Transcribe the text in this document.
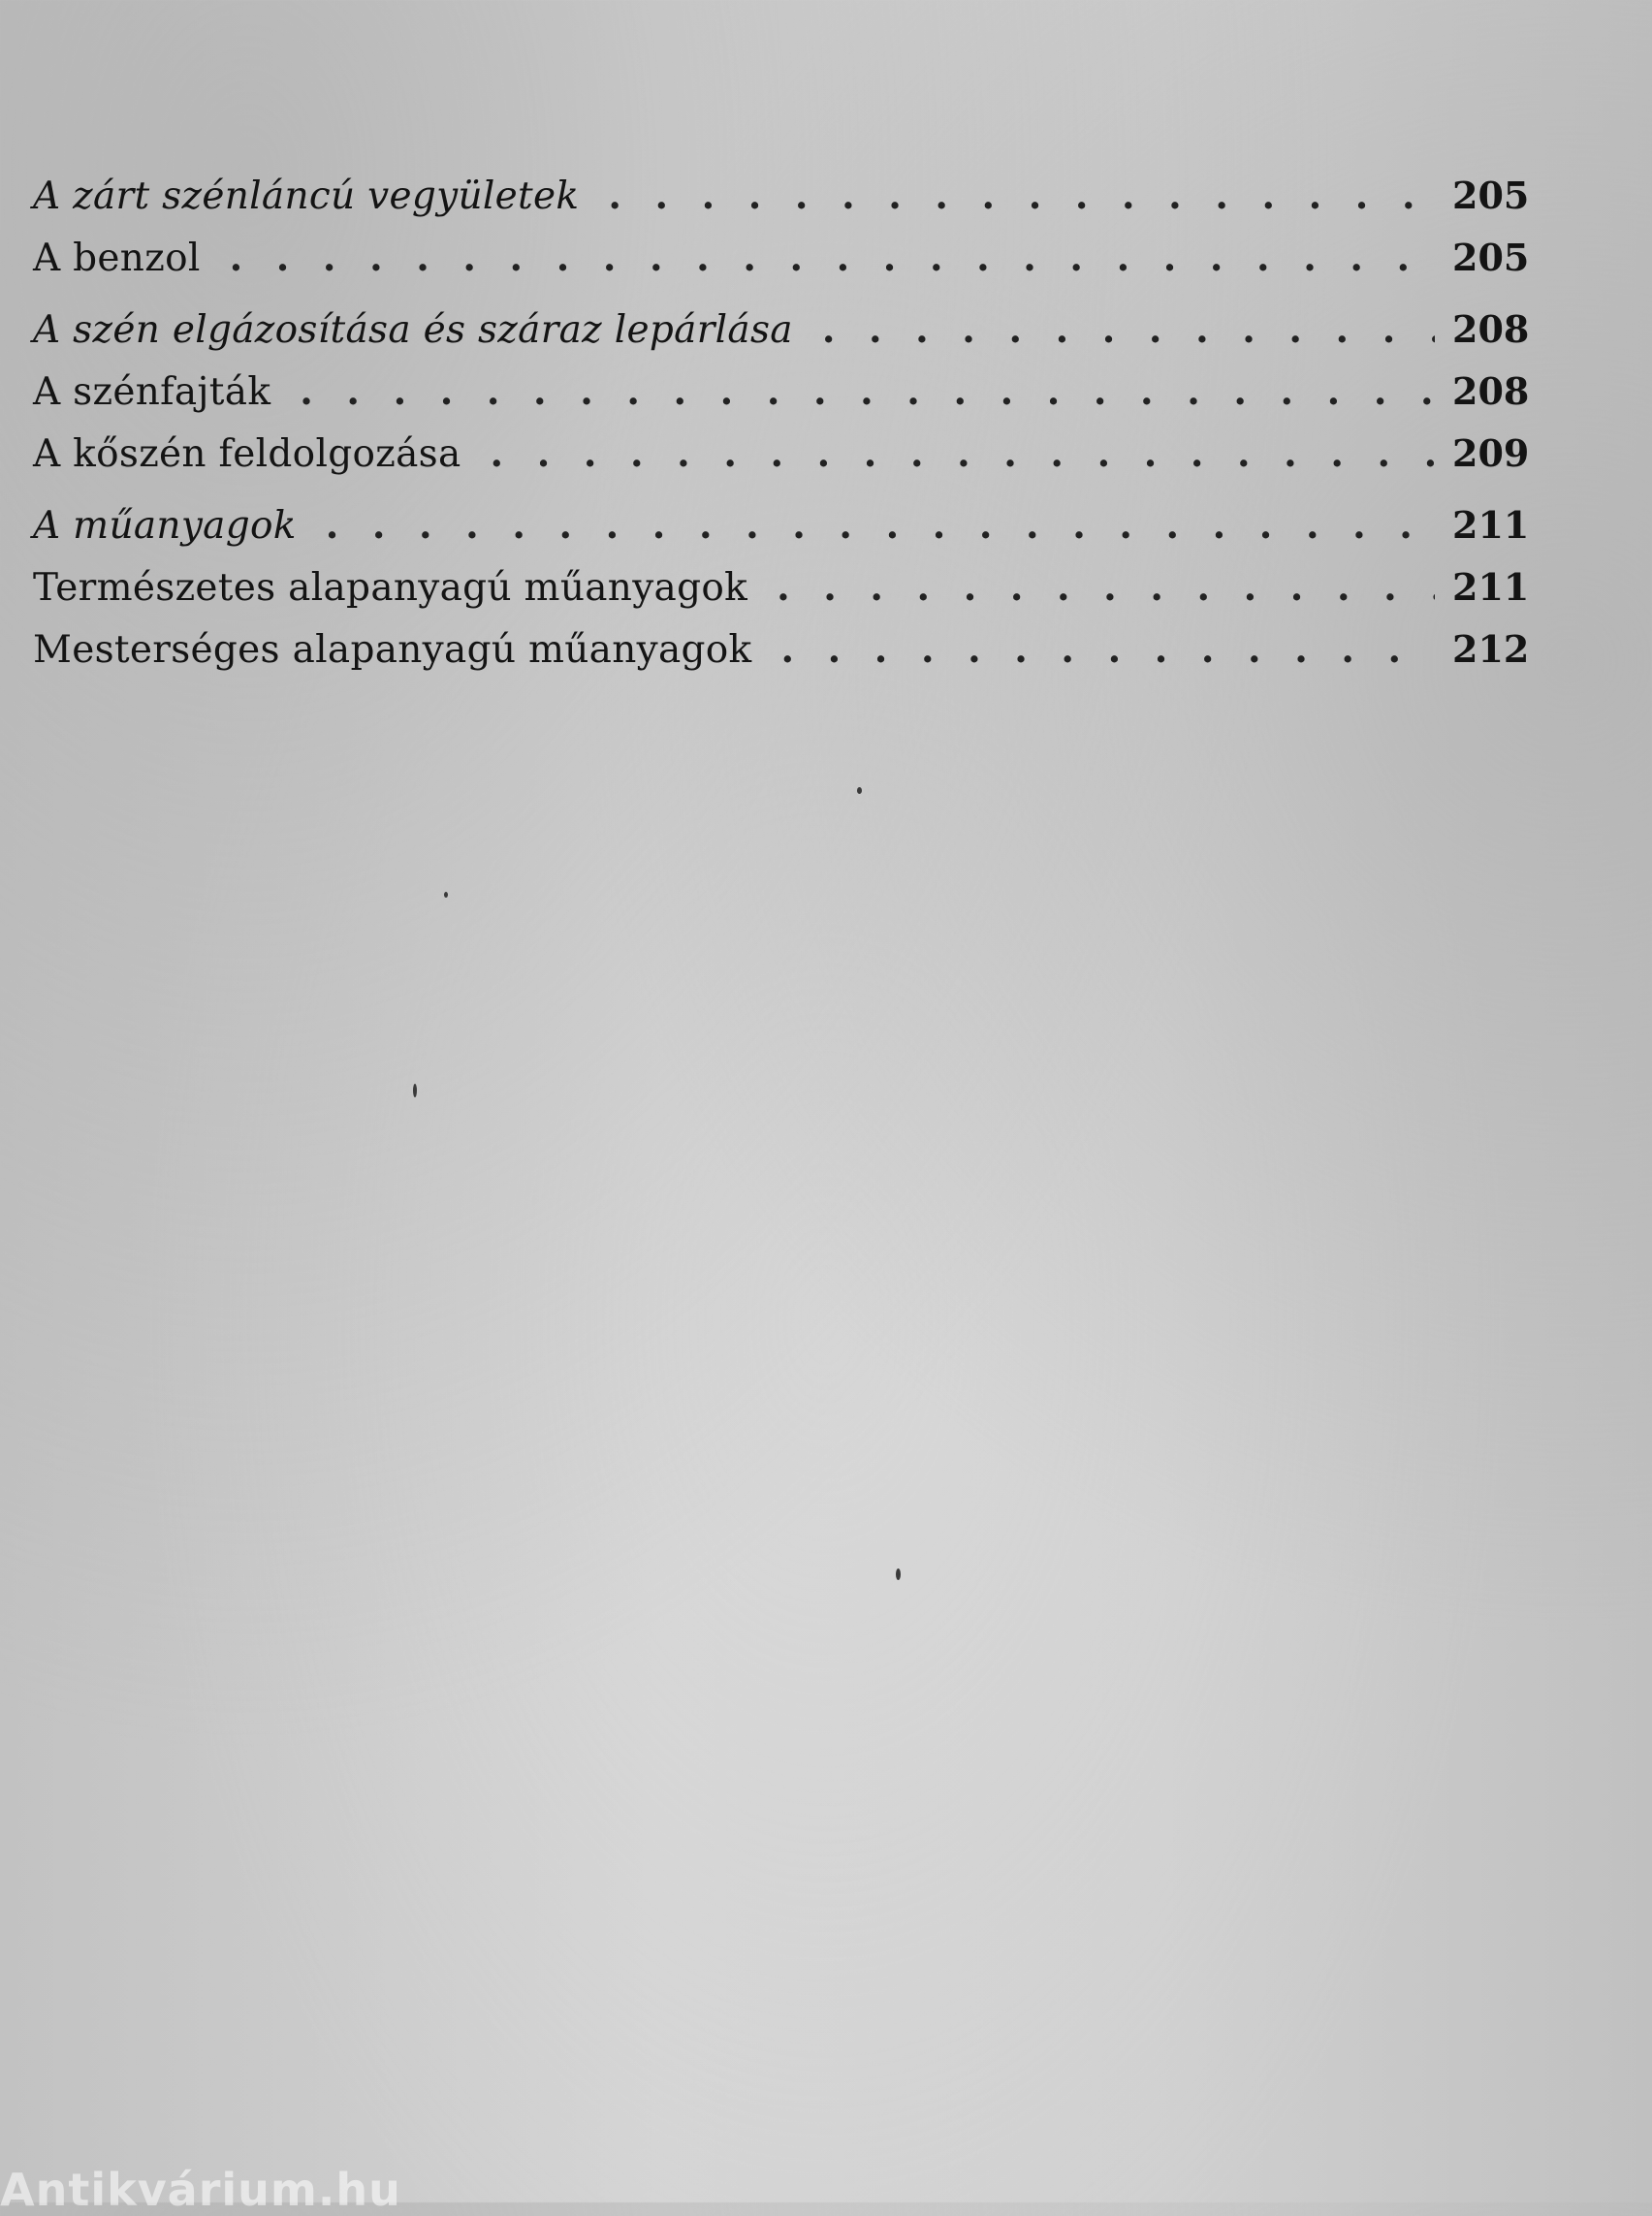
A zárt szénláncú vegyületek . . .	205
A benzol . . .	205
A szén elgázosítása és száraz lepárlása . . .	208
A szénfajták . . .	208
A kőszén feldolgozása . . .	209
A műanyagok . . .	211
Természetes alapanyagú műanyagok . . .	211
Mesterséges alapanyagú műanyagok . . .	212
Antikvárium.hu
